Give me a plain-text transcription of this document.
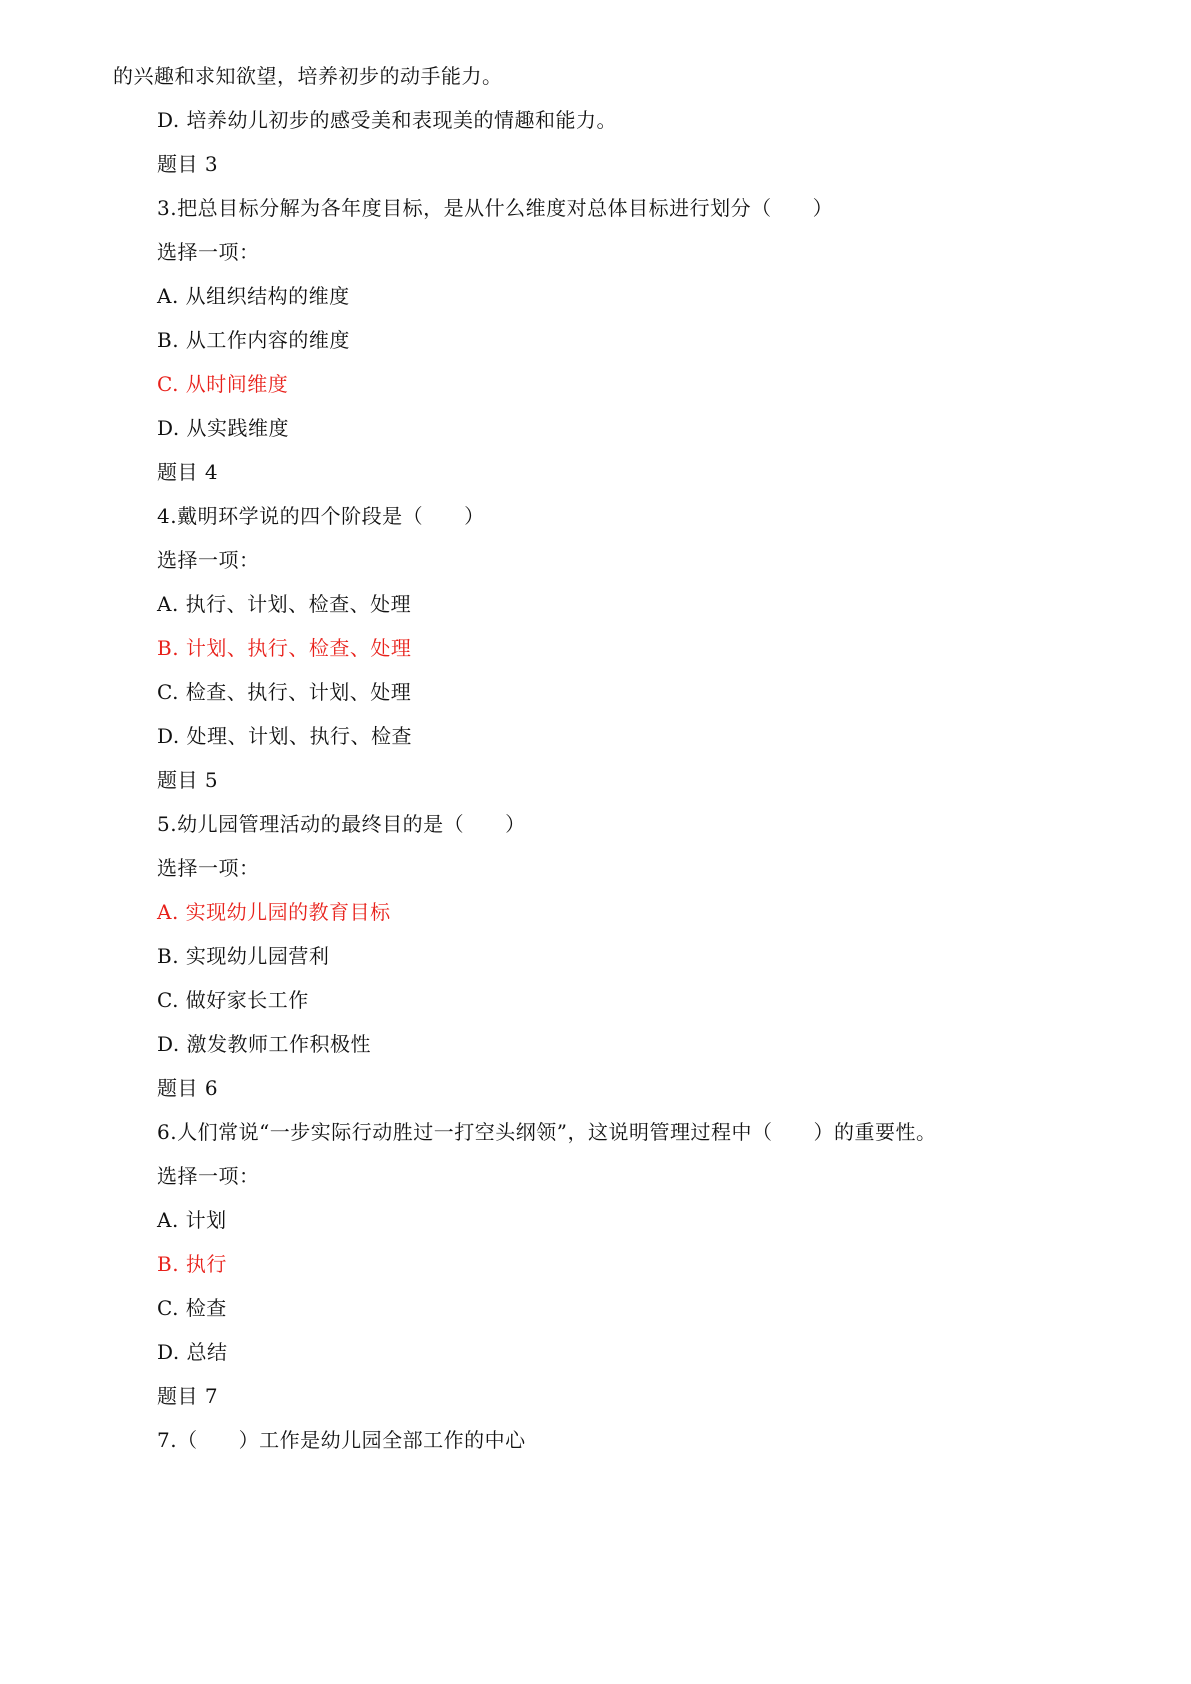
的兴趣和求知欲望，培养初步的动手能力。
D. 培养幼儿初步的感受美和表现美的情趣和能力。
题目 3
3.把总目标分解为各年度目标，是从什么维度对总体目标进行划分（　　）
选择一项：
A. 从组织结构的维度
B. 从工作内容的维度
C. 从时间维度
D. 从实践维度
题目 4
4.戴明环学说的四个阶段是（　　）
选择一项：
A. 执行、计划、检查、处理
B. 计划、执行、检查、处理
C. 检查、执行、计划、处理
D. 处理、计划、执行、检查
题目 5
5.幼儿园管理活动的最终目的是（　　）
选择一项：
A. 实现幼儿园的教育目标
B. 实现幼儿园营利
C. 做好家长工作
D. 激发教师工作积极性
题目 6
6.人们常说“一步实际行动胜过一打空头纲领”，这说明管理过程中（　　）的重要性。
选择一项：
A. 计划
B. 执行
C. 检查
D. 总结
题目 7
7.（　　）工作是幼儿园全部工作的中心
